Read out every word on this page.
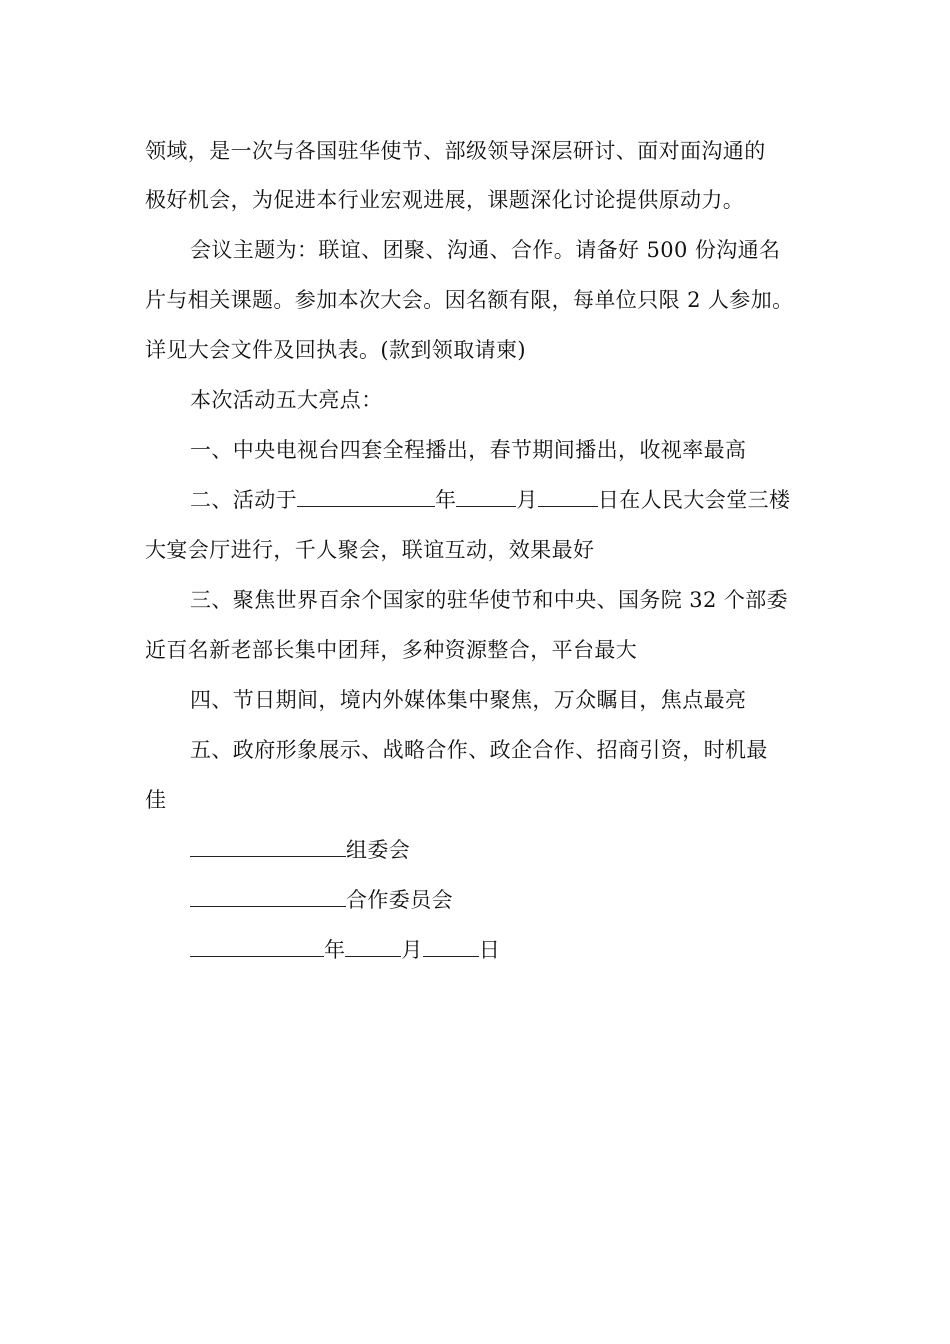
领域，是一次与各国驻华使节、部级领导深层研讨、面对面沟通的
极好机会，为促进本行业宏观进展，课题深化讨论提供原动力。
会议主题为：联谊、团聚、沟通、合作。请备好 500 份沟通名
片与相关课题。参加本次大会。因名额有限，每单位只限 2 人参加。
详见大会文件及回执表。(款到领取请柬)
本次活动五大亮点：
一、中央电视台四套全程播出，春节期间播出，收视率最高
二、活动于	年	月	日在人民大会堂三楼
大宴会厅进行，千人聚会，联谊互动，效果最好
三、聚焦世界百余个国家的驻华使节和中央、国务院 32 个部委
近百名新老部长集中团拜，多种资源整合，平台最大
四、节日期间，境内外媒体集中聚焦，万众瞩目，焦点最亮
五、政府形象展示、战略合作、政企合作、招商引资，时机最
佳
组委会
合作委员会
年	月	日
